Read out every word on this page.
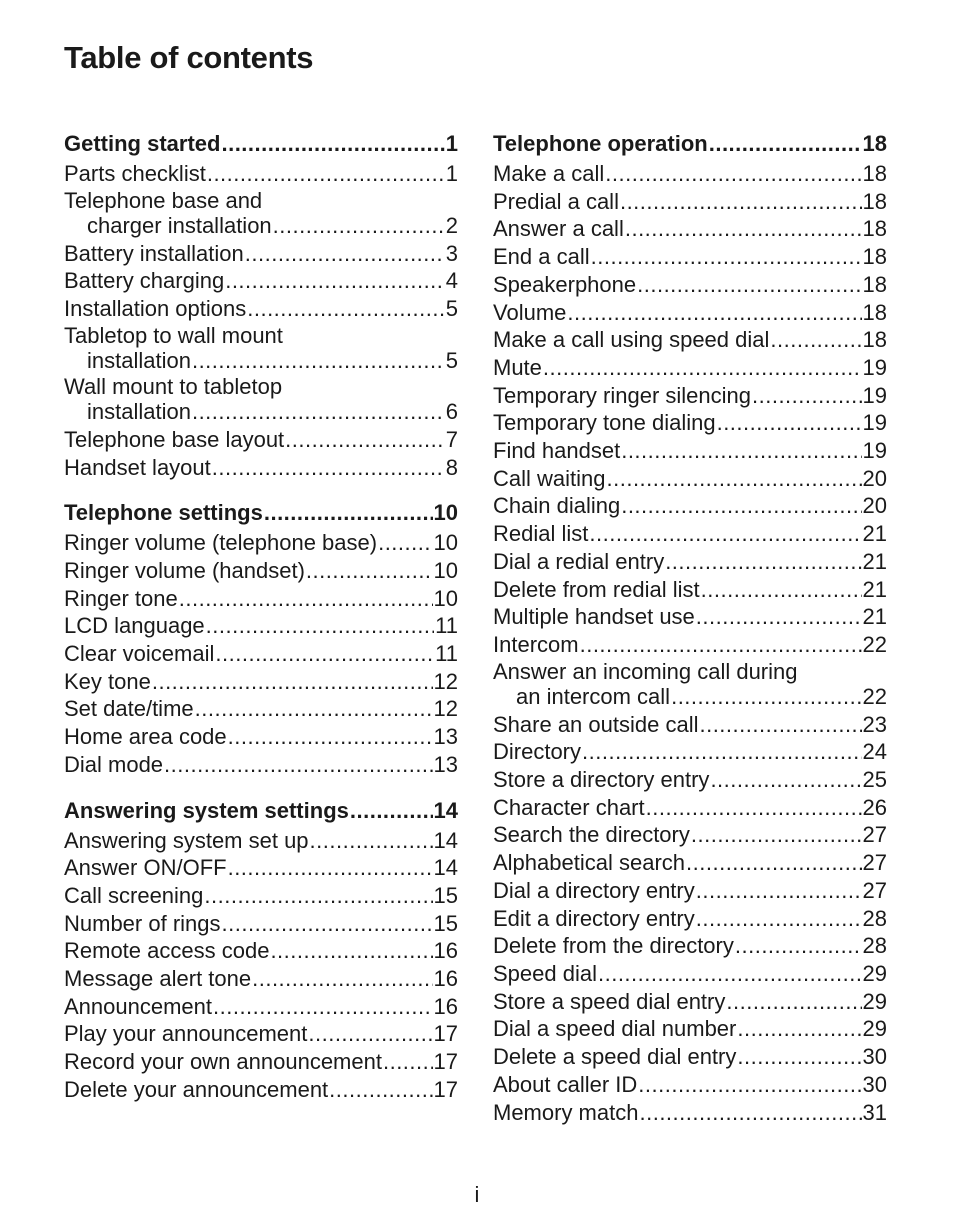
Table of contents
Getting started .....	1
Parts checklist .....	1
Telephone base and
charger installation .....	2
Battery installation .....	3
Battery charging .....	4
Installation options .....	5
Tabletop to wall mount
installation .....	5
Wall mount to tabletop
installation .....	6
Telephone base layout .....	7
Handset layout .....	8
Telephone settings .....	10
Ringer volume (telephone base) .....	10
Ringer volume (handset) .....	10
Ringer tone .....	10
LCD language .....	11
Clear voicemail .....	11
Key tone .....	12
Set date/time .....	12
Home area code .....	13
Dial mode .....	13
Answering system settings .....	14
Answering system set up .....	14
Answer ON/OFF .....	14
Call screening .....	15
Number of rings .....	15
Remote access code .....	16
Message alert tone .....	16
Announcement .....	16
Play your announcement .....	17
Record your own announcement ..... 17
Delete your announcement .....	17
Telephone operation .....	18
Make a call .....	18
Predial a call .....	18
Answer a call .....	18
End a call .....	18
Speakerphone .....	18
Volume .....	18
Make a call using speed dial .....	18
Mute .....	19
Temporary ringer silencing .....	19
Temporary tone dialing .....	19
Find handset .....	19
Call waiting .....	20
Chain dialing .....	20
Redial list .....	21
Dial a redial entry .....	21
Delete from redial list .....	21
Multiple handset use .....	21
Intercom .....	22
Answer an incoming call during
an intercom call .....	22
Share an outside call .....	23
Directory .....	24
Store a directory entry .....	25
Character chart .....	26
Search the directory .....	27
Alphabetical search .....	27
Dial a directory entry .....	27
Edit a directory entry .....	28
Delete from the directory .....	28
Speed dial .....	29
Store a speed dial entry .....	29
Dial a speed dial number .....	29
Delete a speed dial entry .....	30
About caller ID .....	30
Memory match .....	31
i
